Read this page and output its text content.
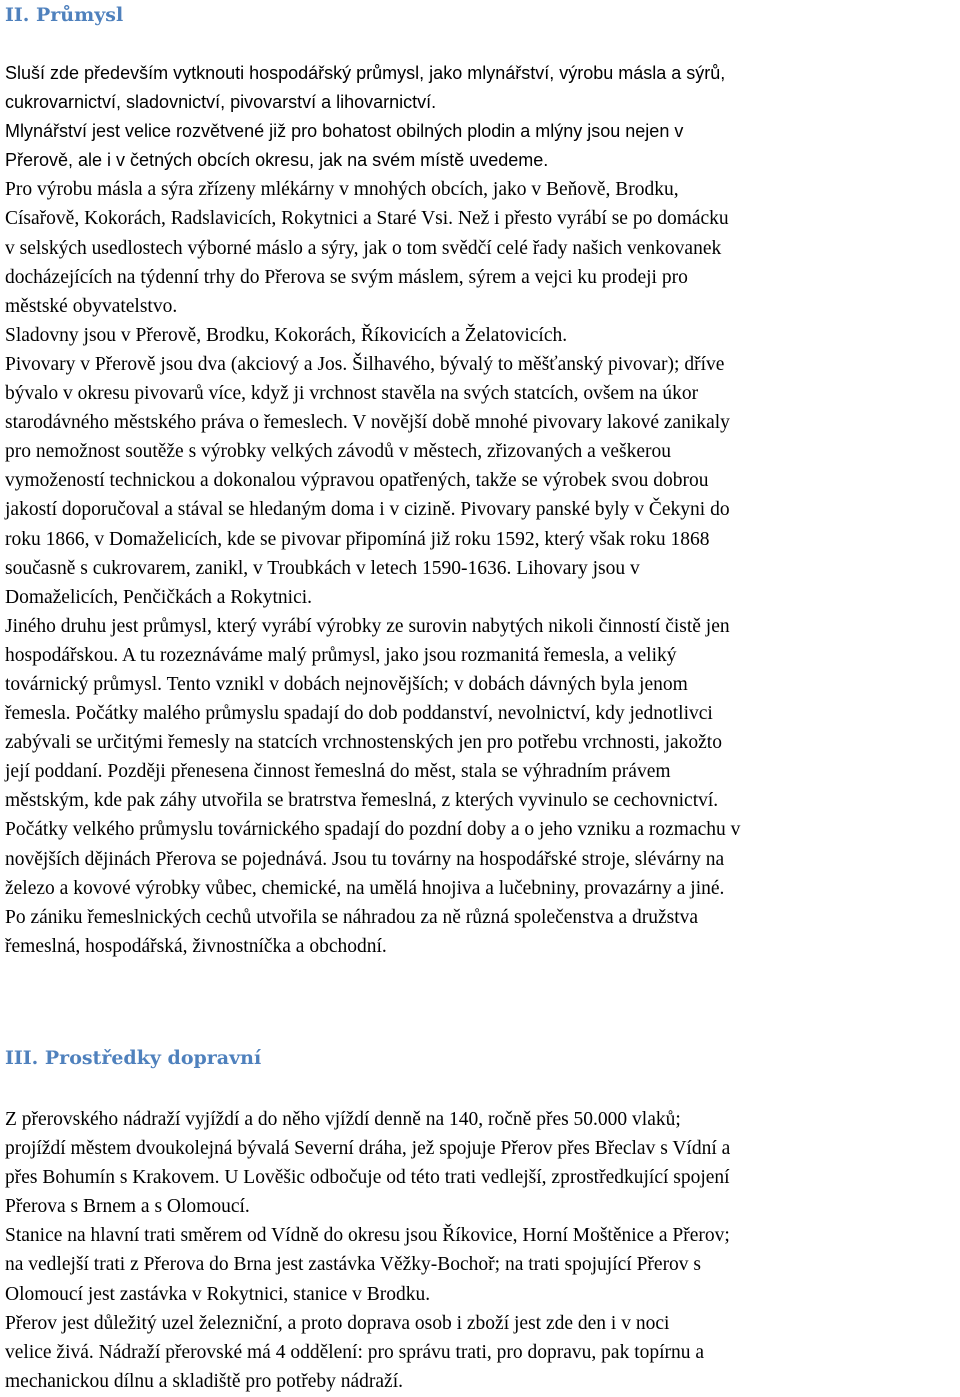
II. Průmysl
Sluší zde především vytknouti hospodářský průmysl, jako mlynářství, výrobu másla a sýrů,
cukrovarnictví, sladovnictví, pivovarství a lihovarnictví.
Mlynářství jest velice rozvětvené již pro bohatost obilných plodin a mlýny jsou nejen v
Přerově, ale i v četných obcích okresu, jak na svém místě uvedeme.
Pro výrobu másla a sýra zřízeny mlékárny v mnohých obcích, jako v Beňově, Brodku,
Císařově, Kokorách, Radslavicích, Rokytnici a Staré Vsi. Než i přesto vyrábí se po domácku
v selských usedlostech výborné máslo a sýry, jak o tom svědčí celé řady našich venkovanek
docházejících na týdenní trhy do Přerova se svým máslem, sýrem a vejci ku prodeji pro
městské obyvatelstvo.
Sladovny jsou v Přerově, Brodku, Kokorách, Říkovicích a Želatovicích.
Pivovary v Přerově jsou dva (akciový a Jos. Šilhavého, bývalý to měšťanský pivovar); dříve
bývalo v okresu pivovarů více, když ji vrchnost stavěla na svých statcích, ovšem na úkor
starodávného městského práva o řemeslech. V novější době mnohé pivovary lakové zanikaly
pro nemožnost soutěže s výrobky velkých závodů v městech, zřizovaných a veškerou
vymožeností technickou a dokonalou výpravou opatřených, takže se výrobek svou dobrou
jakostí doporučoval a stával se hledaným doma i v cizině. Pivovary panské byly v Čekyni do
roku 1866, v Domaželicích, kde se pivovar připomíná již roku 1592, který však roku 1868
současně s cukrovarem, zanikl, v Troubkách v letech 1590-1636. Lihovary jsou v
Domaželicích, Penčičkách a Rokytnici.
Jiného druhu jest průmysl, který vyrábí výrobky ze surovin nabytých nikoli činností čistě jen
hospodářskou. A tu rozeznáváme malý průmysl, jako jsou rozmanitá řemesla, a veliký
továrnický průmysl. Tento vznikl v dobách nejnovějších; v dobách dávných byla jenom
řemesla. Počátky malého průmyslu spadají do dob poddanství, nevolnictví, kdy jednotlivci
zabývali se určitými řemesly na statcích vrchnostenských jen pro potřebu vrchnosti, jakožto
její poddaní. Později přenesena činnost řemeslná do měst, stala se výhradním právem
městským, kde pak záhy utvořila se bratrstva řemeslná, z kterých vyvinulo se cechovnictví.
Počátky velkého průmyslu továrnického spadají do pozdní doby a o jeho vzniku a rozmachu v
novějších dějinách Přerova se pojednává. Jsou tu továrny na hospodářské stroje, slévárny na
železo a kovové výrobky vůbec, chemické, na umělá hnojiva a lučebniny, provazárny a jiné.
Po zániku řemeslnických cechů utvořila se náhradou za ně různá společenstva a družstva
řemeslná, hospodářská, živnostníčka a obchodní.
III. Prostředky dopravní
Z přerovského nádraží vyjíždí a do něho vjíždí denně na 140, ročně přes 50.000 vlaků;
projíždí městem dvoukolejná bývalá Severní dráha, jež spojuje Přerov přes Břeclav s Vídní a
přes Bohumín s Krakovem. U Lověšic odbočuje od této trati vedlejší, zprostředkující spojení
Přerova s Brnem a s Olomoucí.
Stanice na hlavní trati směrem od Vídně do okresu jsou Říkovice, Horní Moštěnice a Přerov;
na vedlejší trati z Přerova do Brna jest zastávka Věžky-Bochoř; na trati spojující Přerov s
Olomoucí jest zastávka v Rokytnici, stanice v Brodku.
Přerov jest důležitý uzel železniční, a proto doprava osob i zboží jest zde den i v noci
velice živá. Nádraží přerovské má 4 oddělení: pro správu trati, pro dopravu, pak topírnu a
mechanickou dílnu a skladiště pro potřeby nádraží.
